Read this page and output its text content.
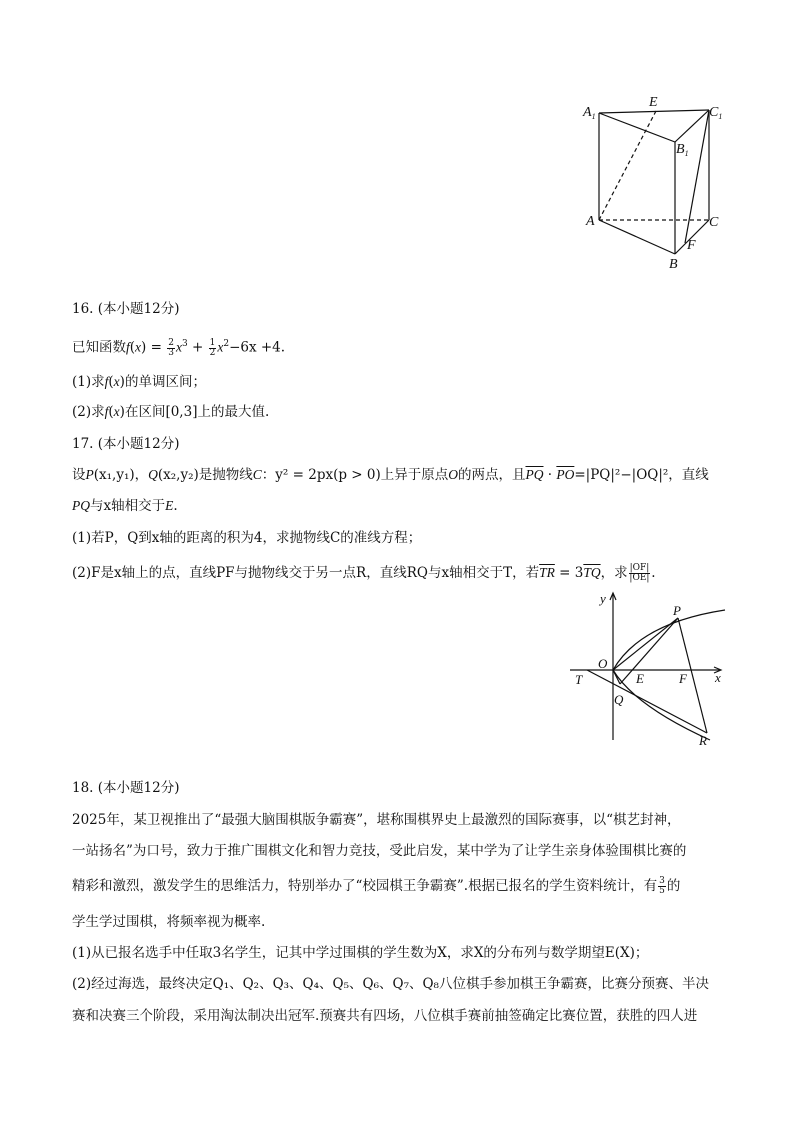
$A_1$
E
$C_1$
$B_1$
A	C
F
B
16. (本小题12分)
已知函数$f(x) = \frac{2}{3} x^3 + \frac{1}{2} x^2-6x +4$.
(1)求f(x)的单调区间；
(2)求f(x)在区间[0,3]上的最大值.
17. (本小题12分)
设P(x₁,y₁)，Q(x₂,y₂)是抛物线C：y² = 2px(p > 0)上异于原点O的两点，且$\overline{PQ} \cdot \overline{PO}=|PQ|^2-|OQ|^2$，直线
PQ与x轴相交于E.
(1)若P，Q到x轴的距离的积为4，求抛物线C的准线方程；
(2)F是x轴上的点，直线PF与抛物线交于另一点R，直线RQ与x轴相交于T，若$\overline{TR} = 3\overline{TQ}$，求 $\frac{|OF|}{|OE|}$ .
y
P
O
T	E	F x
Q
R
18. (本小题12分)
2025年，某卫视推出了“最强大脑围棋版争霸赛”，堪称围棋界史上最激烈的国际赛事，以“棋艺封神，
一站扬名”为口号，致力于推广围棋文化和智力竞技，受此启发，某中学为了让学生亲身体验围棋比赛的
精彩和激烈，激发学生的思维活力，特别举办了“校园棋王争霸赛”.根据已报名的学生资料统计，有 $\frac{3}{5}$ 的
学生学过围棋，将频率视为概率.
(1)从已报名选手中任取3名学生，记其中学过围棋的学生数为X，求X的分布列与数学期望E(X)；
(2)经过海选，最终决定Q₁、Q₂、Q₃、Q₄、Q₅、Q₆、Q₇、Q₈八位棋手参加棋王争霸赛，比赛分预赛、半决
赛和决赛三个阶段，采用淘汰制决出冠军.预赛共有四场，八位棋手赛前抽签确定比赛位置，获胜的四人进
